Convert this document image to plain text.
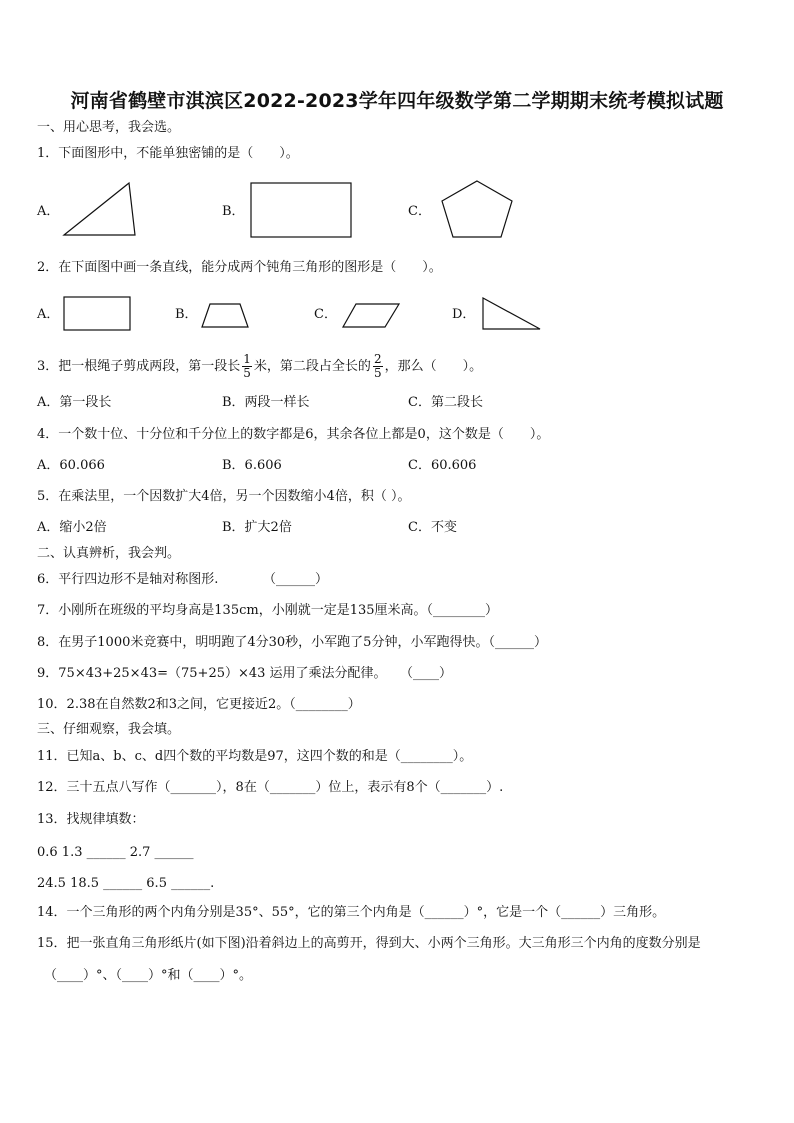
河南省鹤壁市淇滨区2022-2023学年四年级数学第二学期期末统考模拟试题
一、用心思考，我会选。
1．下面图形中，不能单独密铺的是（　　）。
A．	B．	C．
2．在下面图中画一条直线，能分成两个钝角三角形的图形是（　　）。
A．	B．	C．	D．
3．把一根绳子剪成两段，第一段长 $\frac{1}{5}$ 米，第二段占全长的 $\frac{2}{5}$ ，那么（　　）。
A．第一段长	B．两段一样长	C．第二段长
4．一个数十位、十分位和千分位上的数字都是6，其余各位上都是0，这个数是（　　）。
A．60.066	B．6.606	C．60.606
5．在乘法里，一个因数扩大4倍，另一个因数缩小4倍，积（ ）。
A．缩小2倍	B．扩大2倍	C．不变
二、认真辨析，我会判。
6．平行四边形不是轴对称图形.	（______）
7．小刚所在班级的平均身高是135cm，小刚就一定是135厘米高。（________）
8．在男子1000米竞赛中，明明跑了4分30秒，小军跑了5分钟，小军跑得快。（______）
9．75×43+25×43=（75+25）×43 运用了乘法分配律。 （____）
10．2.38在自然数2和3之间，它更接近2。（________）
三、仔细观察，我会填。
11．已知a、b、c、d四个数的平均数是97，这四个数的和是（________）。
12．三十五点八写作（_______），8在（_______）位上，表示有8个（_______）.
13．找规律填数：
0.6 1.3 ______ 2.7 ______
24.5 18.5 ______ 6.5 ______.
14．一个三角形的两个内角分别是35°、55°，它的第三个内角是（______）°，它是一个（______）三角形。
15．把一张直角三角形纸片(如下图)沿着斜边上的高剪开，得到大、小两个三角形。大三角形三个内角的度数分别是
（____）°、（____）°和（____）°。
